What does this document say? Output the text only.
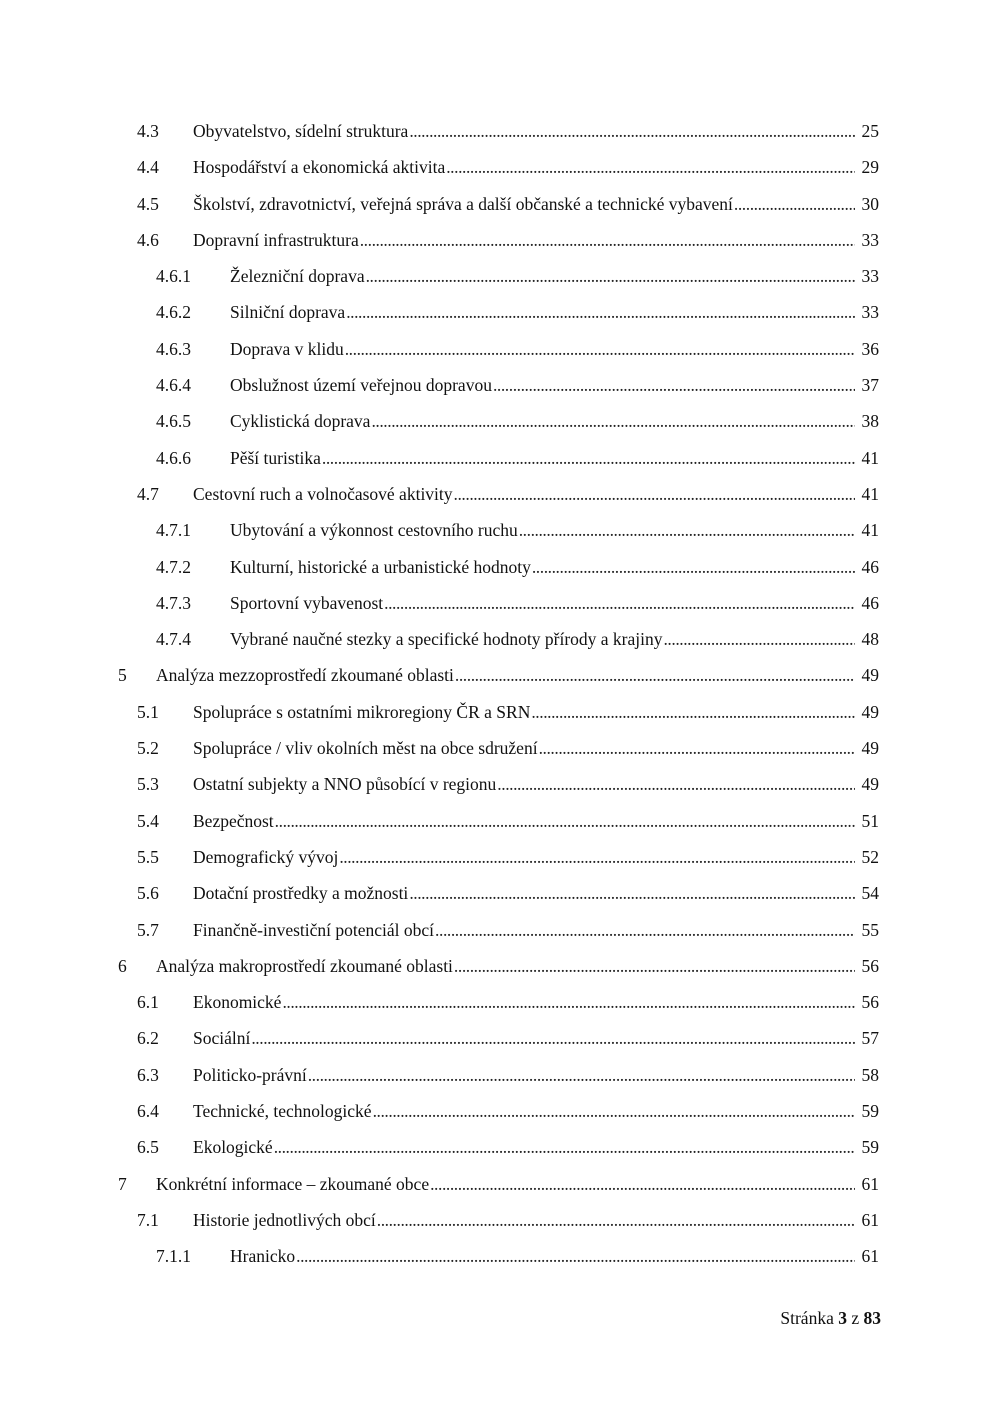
4.3 Obyvatelstvo, sídelní struktura . . .	25
4.4 Hospodářství a ekonomická aktivita . . .	29
4.5 Školství, zdravotnictví, veřejná správa a další občanské a technické vybavení . . .	30
4.6 Dopravní infrastruktura . . .	33
4.6.1 Železniční doprava . . .	33
4.6.2 Silniční doprava . . .	33
4.6.3 Doprava v klidu . . .	36
4.6.4 Obslužnost území veřejnou dopravou . . .	37
4.6.5 Cyklistická doprava . . .	38
4.6.6 Pěší turistika . . .	41
4.7 Cestovní ruch a volnočasové aktivity . . .	41
4.7.1 Ubytování a výkonnost cestovního ruchu . . .	41
4.7.2 Kulturní, historické a urbanistické hodnoty . . .	46
4.7.3 Sportovní vybavenost . . .	46
4.7.4 Vybrané naučné stezky a specifické hodnoty přírody a krajiny . . .	48
5 Analýza mezzoprostředí zkoumané oblasti . . .	49
5.1 Spolupráce s ostatními mikroregiony ČR a SRN . . .	49
5.2 Spolupráce / vliv okolních měst na obce sdružení . . .	49
5.3 Ostatní subjekty a NNO působící v regionu . . .	49
5.4 Bezpečnost . . .	51
5.5 Demografický vývoj . . .	52
5.6 Dotační prostředky a možnosti . . .	54
5.7 Finančně-investiční potenciál obcí . . .	55
6 Analýza makroprostředí zkoumané oblasti . . .	56
6.1 Ekonomické . . .	56
6.2 Sociální . . .	57
6.3 Politicko-právní . . .	58
6.4 Technické, technologické . . .	59
6.5 Ekologické . . .	59
7 Konkrétní informace – zkoumané obce . . .	61
7.1 Historie jednotlivých obcí . . .	61
7.1.1 Hranicko . . .	61
Stránka 3 z 83
